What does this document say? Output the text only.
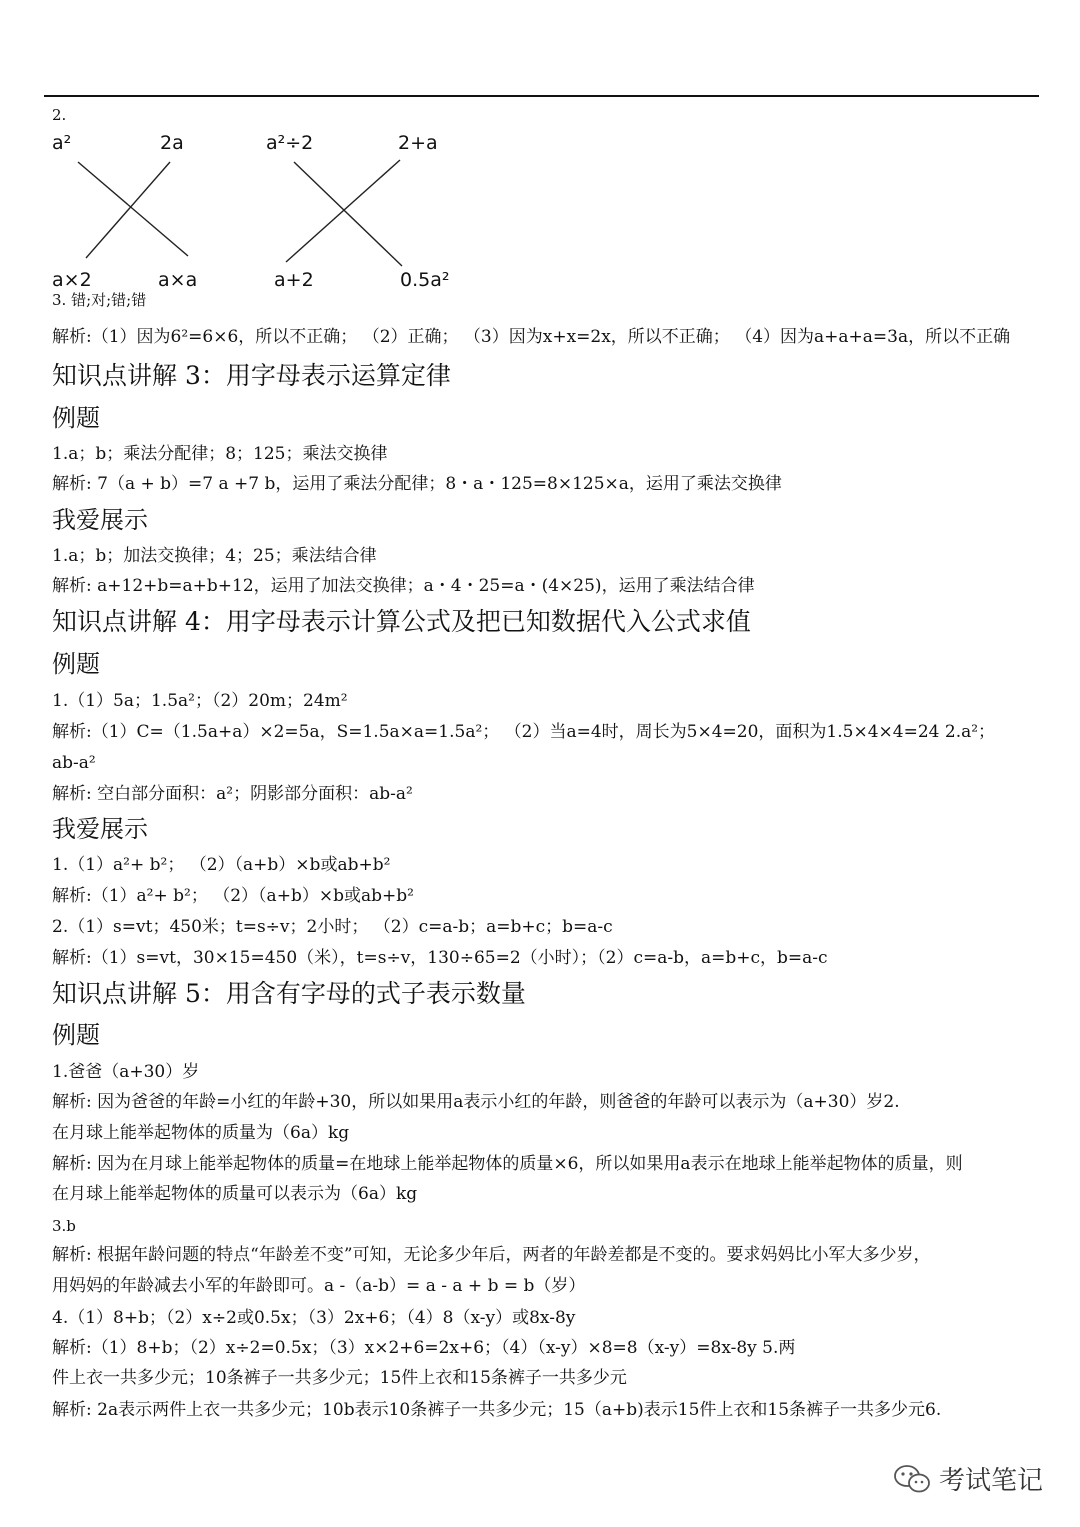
2.
a²	2a
a×2	a×a
a²÷2	2+a
a+2	0.5a²
3. 错;对;错;错
解析:（1）因为6²=6×6，所以不正确； （2）正确； （3）因为x+x=2x，所以不正确； （4）因为a+a+a=3a，所以不正确
知识点讲解 3：用字母表示运算定律
例题
1.a；b；乘法分配律；8；125；乘法交换律
解析: 7（a + b）=7 a +7 b，运用了乘法分配律；8・a・125=8×125×a，运用了乘法交换律
我爱展示
1.a；b；加法交换律；4；25；乘法结合律
解析: a+12+b=a+b+12，运用了加法交换律；a・4・25=a・(4×25)，运用了乘法结合律
知识点讲解 4：用字母表示计算公式及把已知数据代入公式求值
例题
1.（1）5a；1.5a²；（2）20m；24m²
解析:（1）C=（1.5a+a）×2=5a，S=1.5a×a=1.5a²； （2）当a=4时，周长为5×4=20，面积为1.5×4×4=24 2.a²；
ab-a²
解析: 空白部分面积：a²；阴影部分面积：ab-a²
我爱展示
1.（1）a²+ b²； （2）（a+b）×b或ab+b²
解析:（1）a²+ b²； （2）（a+b）×b或ab+b²
2.（1）s=vt；450米；t=s÷v；2小时； （2）c=a-b；a=b+c；b=a-c
解析:（1）s=vt，30×15=450（米），t=s÷v，130÷65=2（小时）；（2）c=a-b，a=b+c，b=a-c
知识点讲解 5：用含有字母的式子表示数量
例题
1.爸爸（a+30）岁
解析: 因为爸爸的年龄=小红的年龄+30，所以如果用a表示小红的年龄，则爸爸的年龄可以表示为（a+30）岁2.
在月球上能举起物体的质量为（6a）kg
解析: 因为在月球上能举起物体的质量=在地球上能举起物体的质量×6，所以如果用a表示在地球上能举起物体的质量，则
在月球上能举起物体的质量可以表示为（6a）kg
3.b
解析: 根据年龄问题的特点“年龄差不变”可知，无论多少年后，两者的年龄差都是不变的。要求妈妈比小军大多少岁，
用妈妈的年龄减去小军的年龄即可。a -（a-b）= a - a + b = b（岁）
4.（1）8+b；（2）x÷2或0.5x；（3）2x+6；（4）8（x-y）或8x-8y
解析:（1）8+b；（2）x÷2=0.5x；（3）x×2+6=2x+6；（4）（x-y）×8=8（x-y）=8x-8y 5.两
件上衣一共多少元；10条裤子一共多少元；15件上衣和15条裤子一共多少元
解析: 2a表示两件上衣一共多少元；10b表示10条裤子一共多少元；15（a+b)表示15件上衣和15条裤子一共多少元6.
考试笔记
